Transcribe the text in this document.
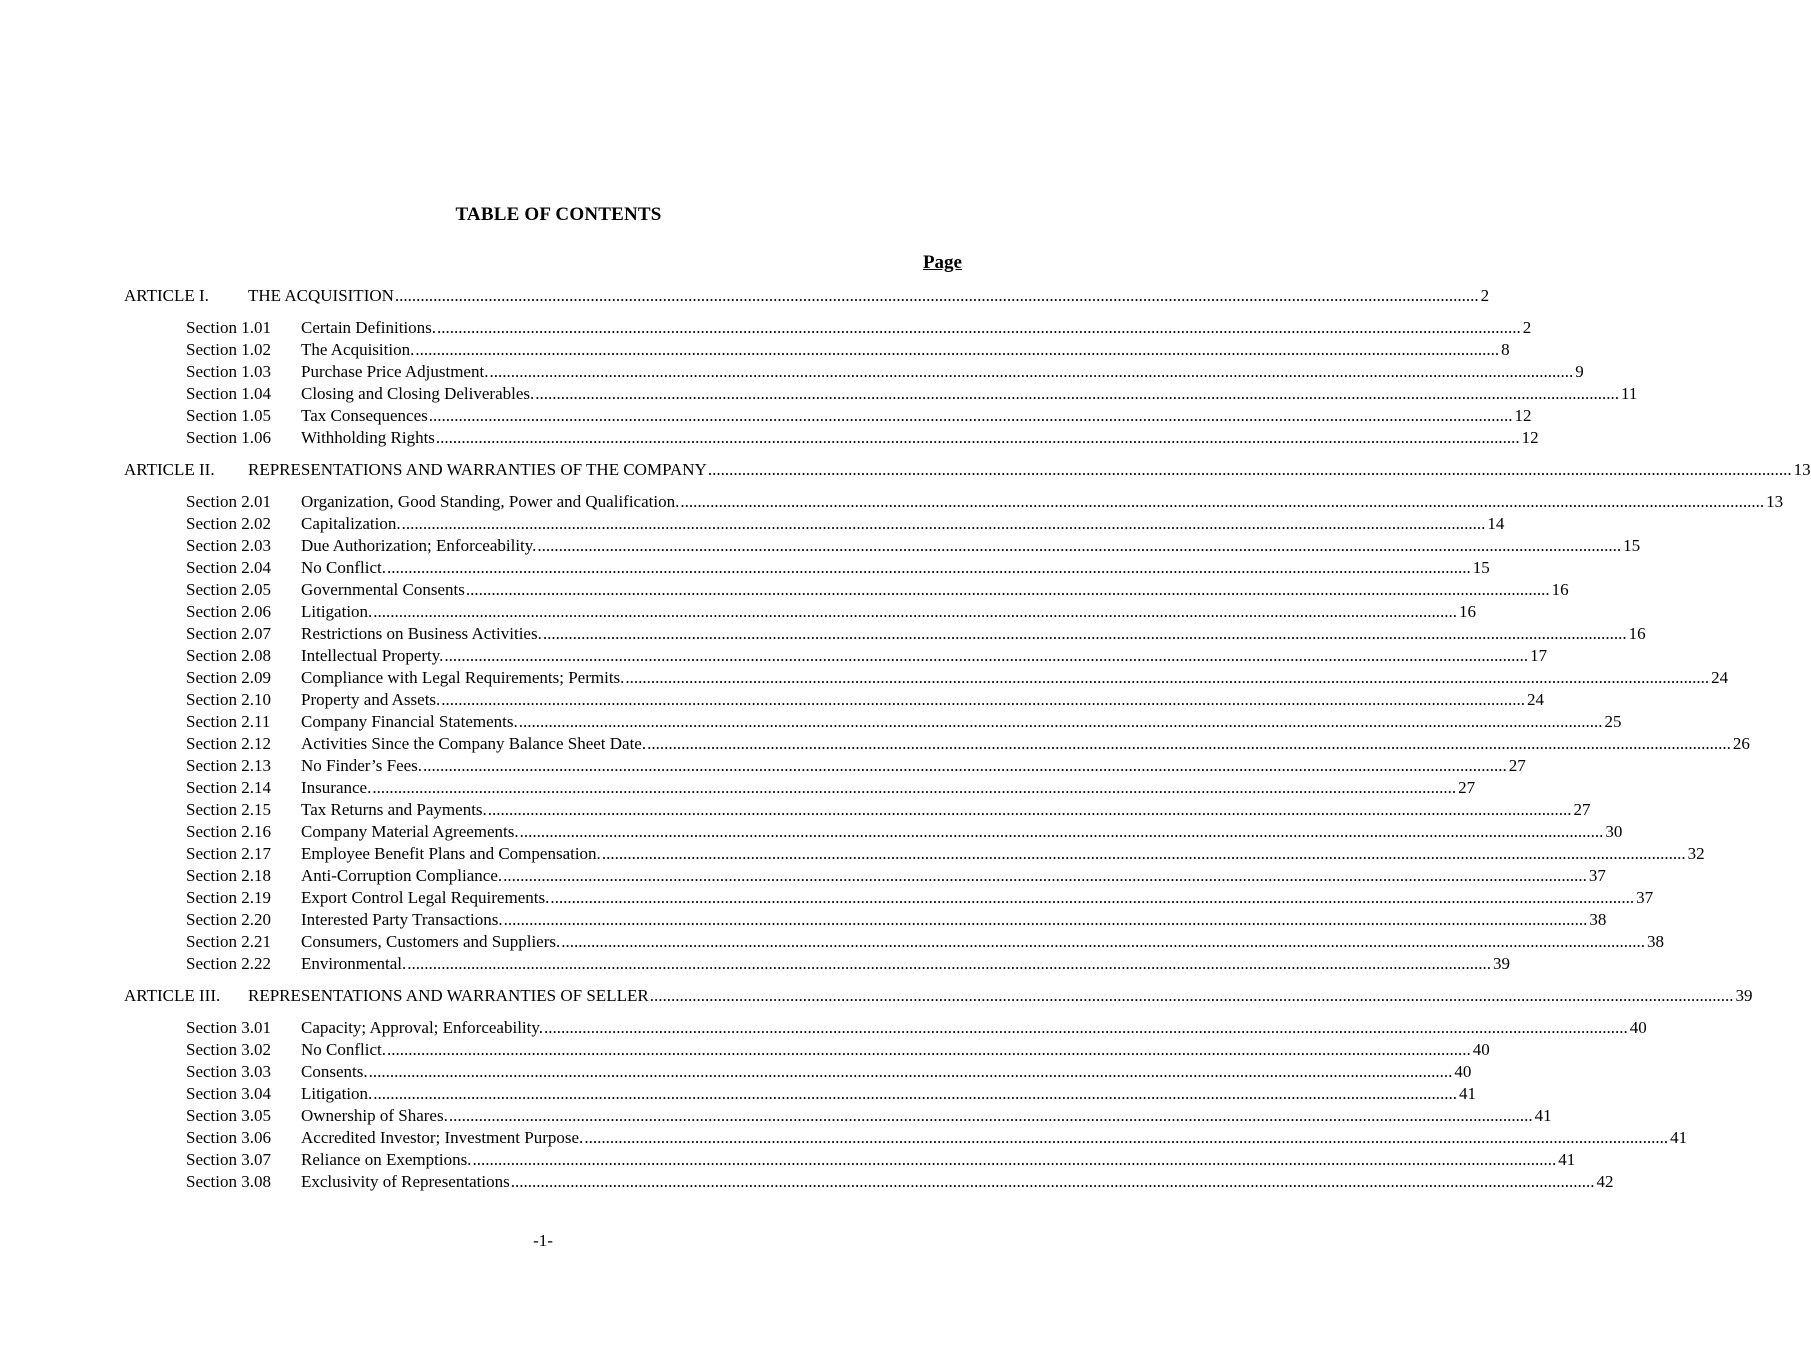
TABLE OF CONTENTS
Page
ARTICLE I.	THE ACQUISITION .....	2
Section 1.01	Certain Definitions. .....	2
Section 1.02	The Acquisition. .....	8
Section 1.03	Purchase Price Adjustment. .....	9
Section 1.04	Closing and Closing Deliverables. .....	11
Section 1.05	Tax Consequences .....	12
Section 1.06	Withholding Rights .....	12
ARTICLE II.	REPRESENTATIONS AND WARRANTIES OF THE COMPANY .....	13
Section 2.01	Organization, Good Standing, Power and Qualification. .....	13
Section 2.02	Capitalization. .....	14
Section 2.03	Due Authorization; Enforceability. .....	15
Section 2.04	No Conflict. .....	15
Section 2.05	Governmental Consents .....	16
Section 2.06	Litigation. .....	16
Section 2.07	Restrictions on Business Activities. .....	16
Section 2.08	Intellectual Property. .....	17
Section 2.09	Compliance with Legal Requirements; Permits. .....	24
Section 2.10	Property and Assets. .....	24
Section 2.11	Company Financial Statements. .....	25
Section 2.12	Activities Since the Company Balance Sheet Date. .....	26
Section 2.13	No Finder’s Fees. .....	27
Section 2.14	Insurance. .....	27
Section 2.15	Tax Returns and Payments. .....	27
Section 2.16	Company Material Agreements. .....	30
Section 2.17	Employee Benefit Plans and Compensation. .....	32
Section 2.18	Anti-Corruption Compliance. .....	37
Section 2.19	Export Control Legal Requirements. .....	37
Section 2.20	Interested Party Transactions. .....	38
Section 2.21	Consumers, Customers and Suppliers. .....	38
Section 2.22	Environmental. .....	39
ARTICLE III.	REPRESENTATIONS AND WARRANTIES OF SELLER .....	39
Section 3.01	Capacity; Approval; Enforceability. .....	40
Section 3.02	No Conflict. .....	40
Section 3.03	Consents. .....	40
Section 3.04	Litigation. .....	41
Section 3.05	Ownership of Shares. .....	41
Section 3.06	Accredited Investor; Investment Purpose. .....	41
Section 3.07	Reliance on Exemptions. .....	41
Section 3.08	Exclusivity of Representations .....	42
-1-
